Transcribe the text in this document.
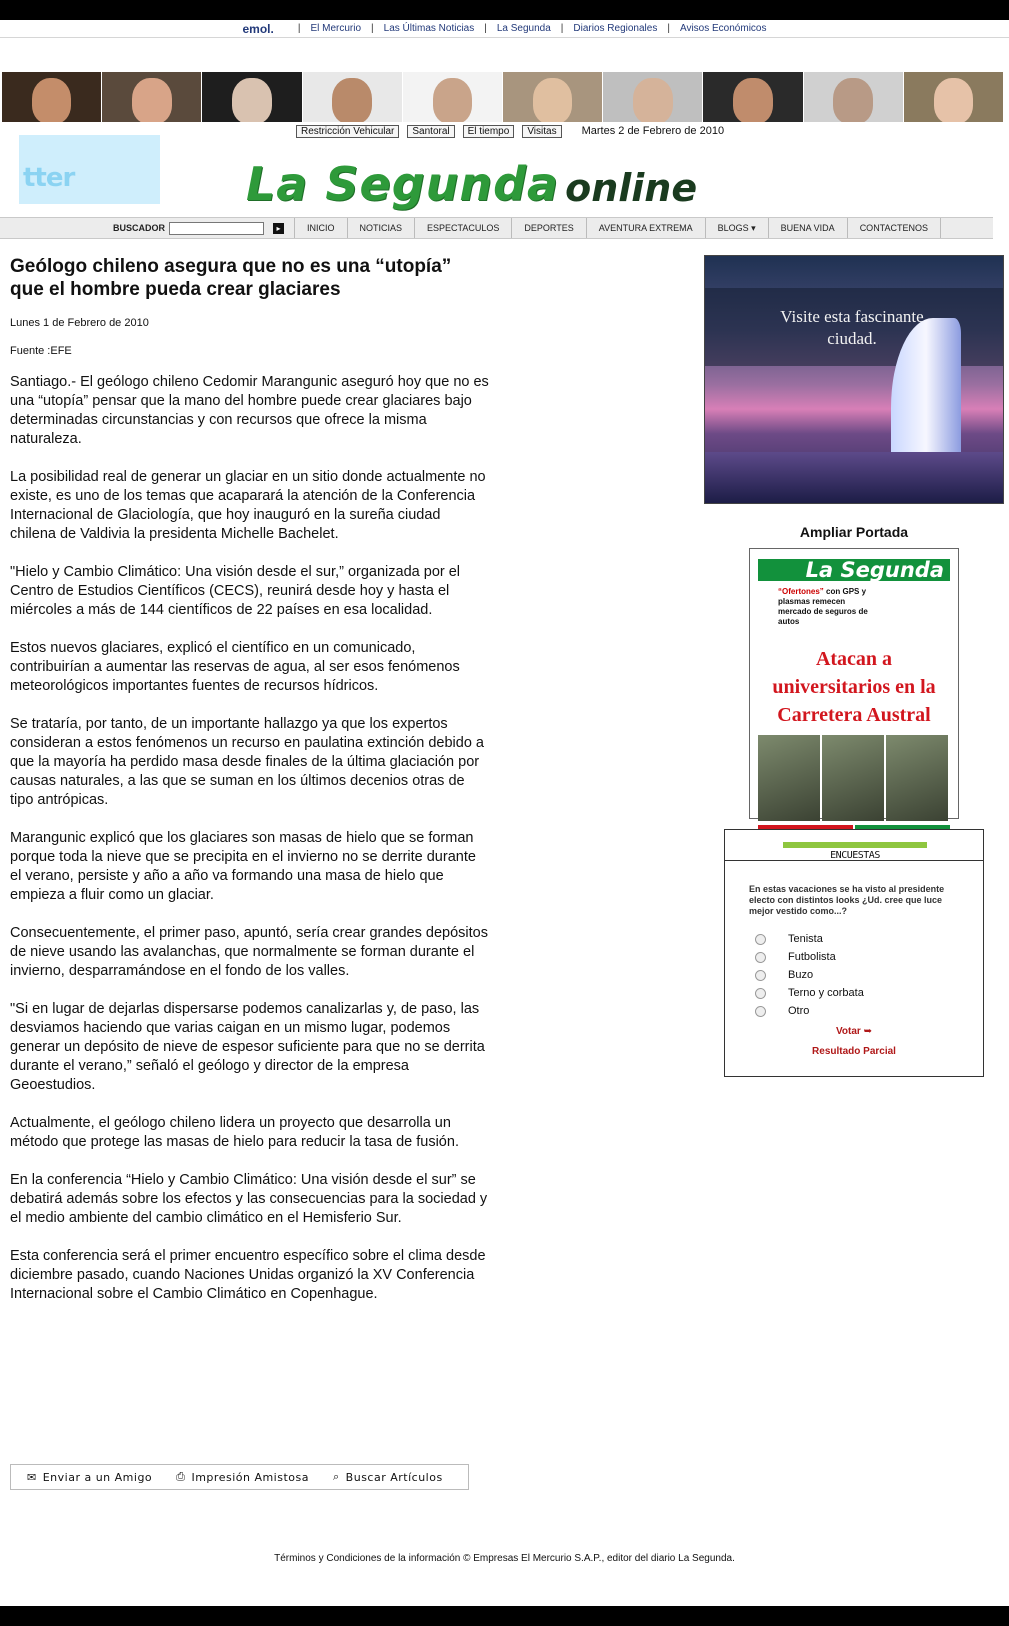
emol. | El Mercurio | Las Últimas Noticias | La Segunda | Diarios Regionales | Avisos Económicos
Restricción Vehicular	Santoral	El tiempo	Visitas	Martes 2 de Febrero de 2010
tter	La Segunda online
BUSCADOR	▸	INICIO	NOTICIAS	ESPECTACULOS	DEPORTES	AVENTURA EXTREMA	BLOGS ▾	BUENA VIDA	CONTACTENOS
Geólogo chileno asegura que no es una “utopía” que el hombre pueda crear glaciares

Lunes 1 de Febrero de 2010

Fuente :EFE

Santiago.- El geólogo chileno Cedomir Marangunic aseguró hoy que no es una “utopía” pensar que la mano del hombre puede crear glaciares bajo determinadas circunstancias y con recursos que ofrece la misma naturaleza.

La posibilidad real de generar un glaciar en un sitio donde actualmente no existe, es uno de los temas que acaparará la atención de la Conferencia Internacional de Glaciología, que hoy inauguró en la sureña ciudad chilena de Valdivia la presidenta Michelle Bachelet.

"Hielo y Cambio Climático: Una visión desde el sur,” organizada por el Centro de Estudios Científicos (CECS), reunirá desde hoy y hasta el miércoles a más de 144 científicos de 22 países en esa localidad.

Estos nuevos glaciares, explicó el científico en un comunicado, contribuirían a aumentar las reservas de agua, al ser esos fenómenos meteorológicos importantes fuentes de recursos hídricos.

Se trataría, por tanto, de un importante hallazgo ya que los expertos consideran a estos fenómenos un recurso en paulatina extinción debido a que la mayoría ha perdido masa desde finales de la última glaciación por causas naturales, a las que se suman en los últimos decenios otras de tipo antrópicas.

Marangunic explicó que los glaciares son masas de hielo que se forman porque toda la nieve que se precipita en el invierno no se derrite durante el verano, persiste y año a año va formando una masa de hielo que empieza a fluir como un glaciar.

Consecuentemente, el primer paso, apuntó, sería crear grandes depósitos de nieve usando las avalanchas, que normalmente se forman durante el invierno, desparramándose en el fondo de los valles.

"Si en lugar de dejarlas dispersarse podemos canalizarlas y, de paso, las desviamos haciendo que varias caigan en un mismo lugar, podemos generar un depósito de nieve de espesor suficiente para que no se derrita durante el verano,” señaló el geólogo y director de la empresa Geoestudios.

Actualmente, el geólogo chileno lidera un proyecto que desarrolla un método que protege las masas de hielo para reducir la tasa de fusión.

En la conferencia “Hielo y Cambio Climático: Una visión desde el sur” se debatirá además sobre los efectos y las consecuencias para la sociedad y el medio ambiente del cambio climático en el Hemisferio Sur.

Esta conferencia será el primer encuentro específico sobre el clima desde diciembre pasado, cuando Naciones Unidas organizó la XV Conferencia Internacional sobre el Cambio Climático en Copenhague.

✉ Enviar a un Amigo ⎙ Impresión Amistosa ⌕ Buscar Artículos
Visite esta fascinante ciudad.
Ampliar Portada
La Segunda
“Ofertones” con GPS y plasmas remecen mercado de seguros de autos
Atacan a universitarios en la Carretera Austral
ENCUESTAS
En estas vacaciones se ha visto al presidente electo con distintos looks ¿Ud. cree que luce mejor vestido como...?
Tenista
Futbolista
Buzo
Terno y corbata
Otro
Votar ➥
Resultado Parcial
Términos y Condiciones de la información © Empresas El Mercurio S.A.P., editor del diario La Segunda.
